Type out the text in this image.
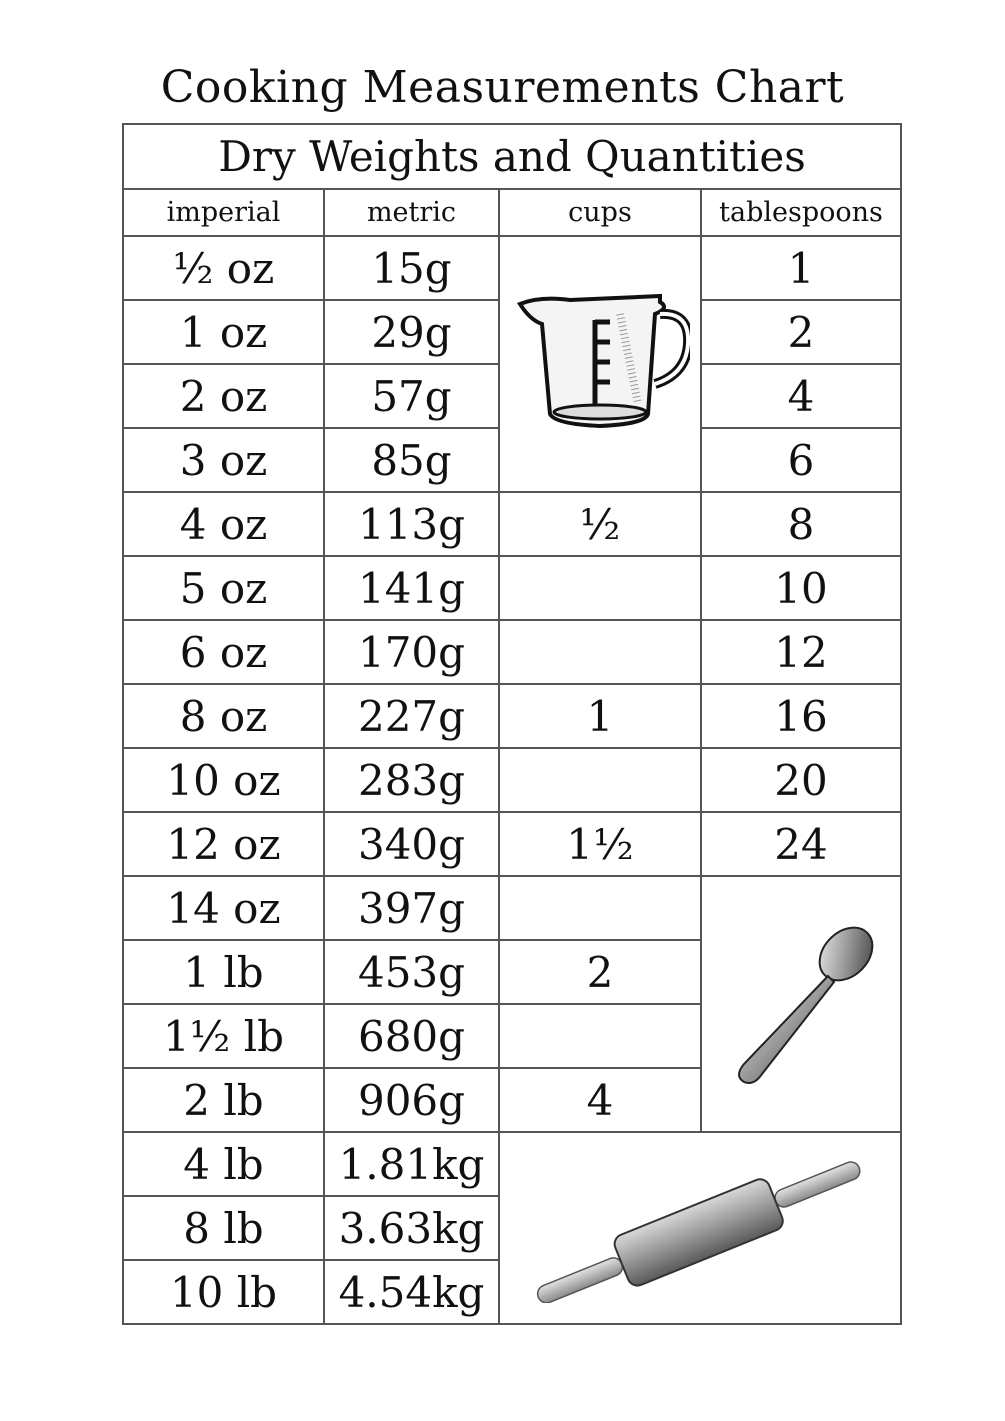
Cooking Measurements Chart
Dry Weights and Quantities			
imperial	metric	cups	tablespoons
½ oz	15g		1
1 oz	29g		2
2 oz	57g		4
3 oz	85g		6
4 oz	113g	½	8
5 oz	141g		10
6 oz	170g		12
8 oz	227g	1	16
10 oz	283g		20
12 oz	340g	1½	24
14 oz	397g		

1 lb	453g	2	
1½ lb	680g		
2 lb	906g	4	
4 lb	1.81kg	

8 lb	3.63kg		
10 lb	4.54kg		
